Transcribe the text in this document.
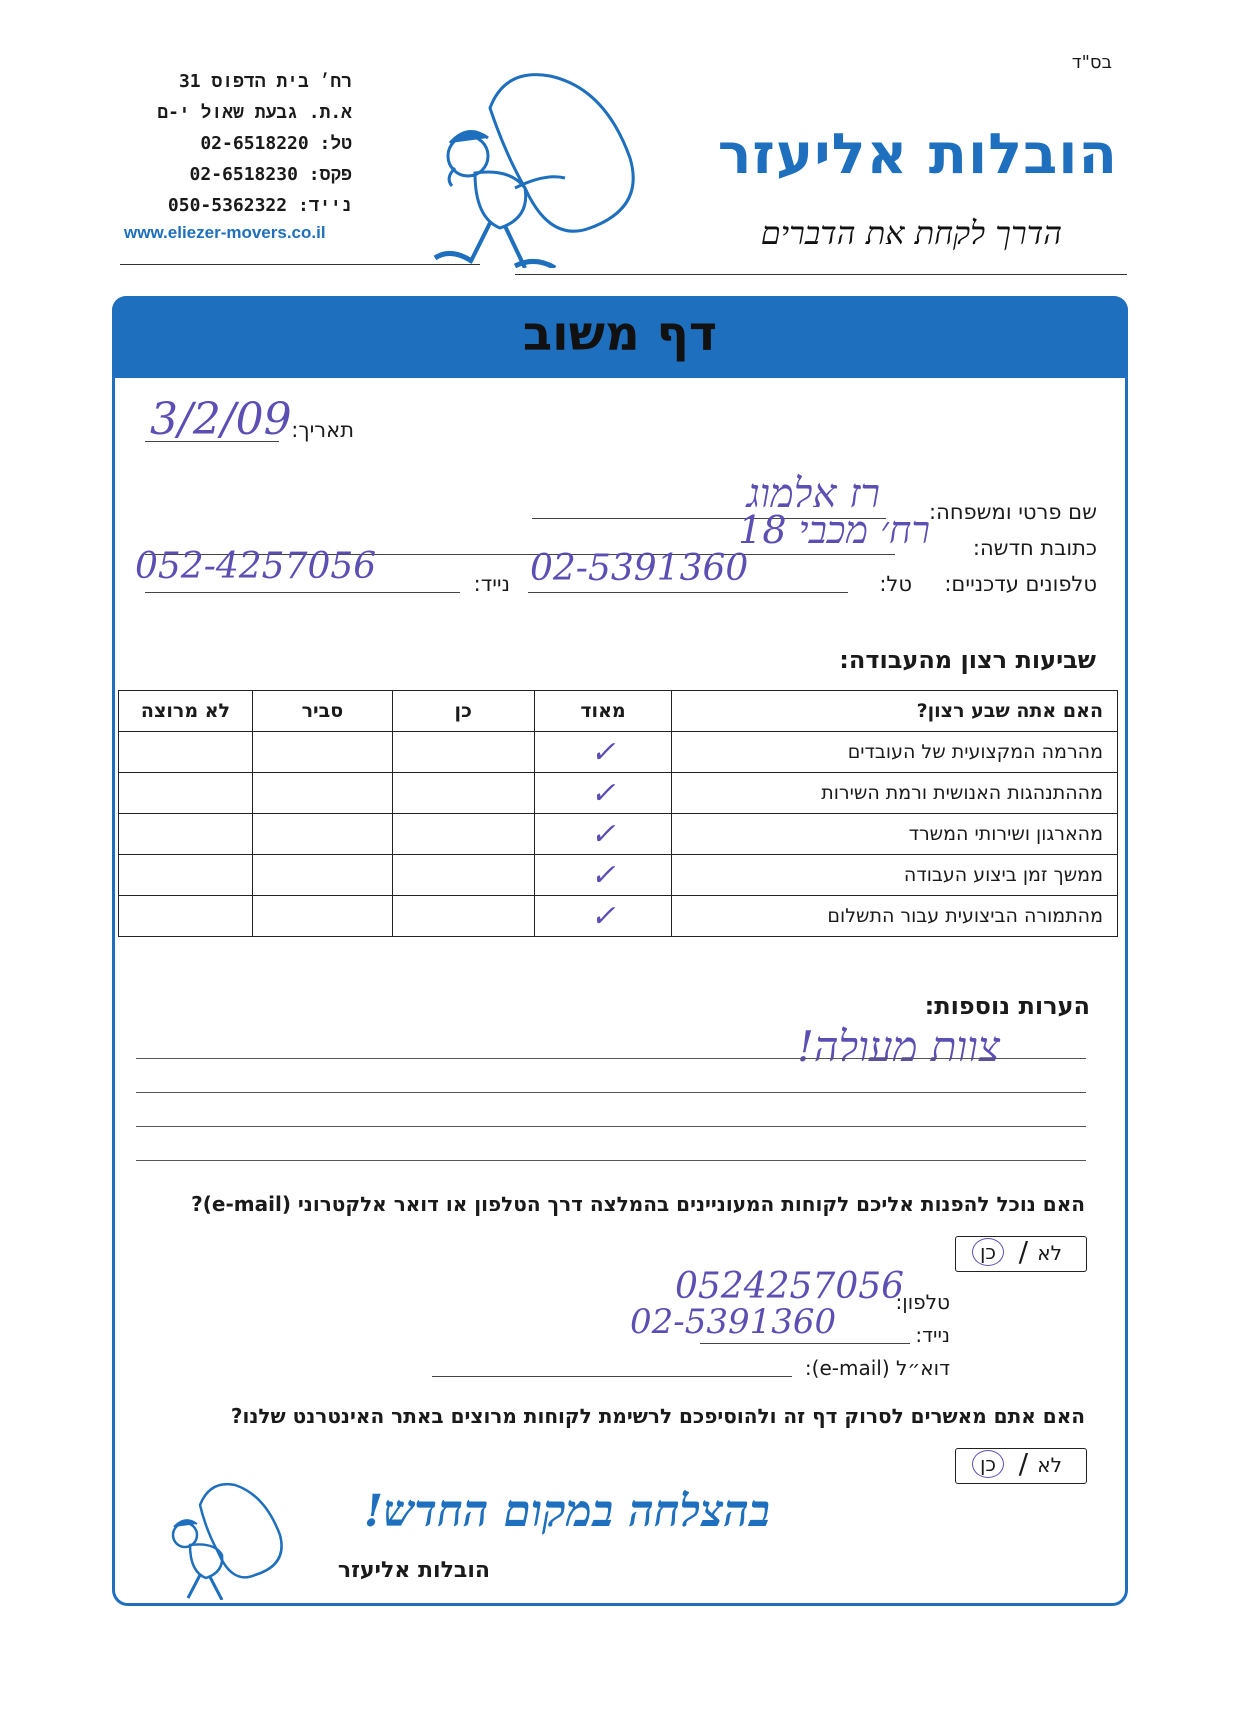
בס"ד
רח׳ בית הדפוס 31
א.ת. גבעת שאול י-ם
טל: 02-6518220
פקס: 02-6518230
נייד: 050-5362322
www.eliezer-movers.co.il
הובלות אליעזר
הדרך לקחת את הדברים
דף משוב
תאריך:
3/2/09
שם פרטי ומשפחה:
רז אלמוג
כתובת חדשה:
רח׳ מכבי 18
טלפונים עדכניים:
טל:
02-5391360
נייד:
052-4257056
שביעות רצון מהעבודה:
האם אתה שבע רצון?	מאוד	כן	סביר	לא מרוצה
מהרמה המקצועית של העובדים	✓			
מההתנהגות האנושית ורמת השירות	✓			
מהארגון ושירותי המשרד	✓			
ממשך זמן ביצוע העבודה	✓			
מהתמורה הביצועית עבור התשלום	✓			
הערות נוספות:
צוות מעולה!
האם נוכל להפנות אליכם לקוחות המעוניינים בהמלצה דרך הטלפון או דואר אלקטרוני (e-mail)?
לא
/
כן
טלפון:
0524257056
נייד:
02-5391360
דוא״ל (e-mail):
האם אתם מאשרים לסרוק דף זה ולהוסיפכם לרשימת לקוחות מרוצים באתר האינטרנט שלנו?
לא
/
כן
בהצלחה במקום החדש!
הובלות אליעזר
